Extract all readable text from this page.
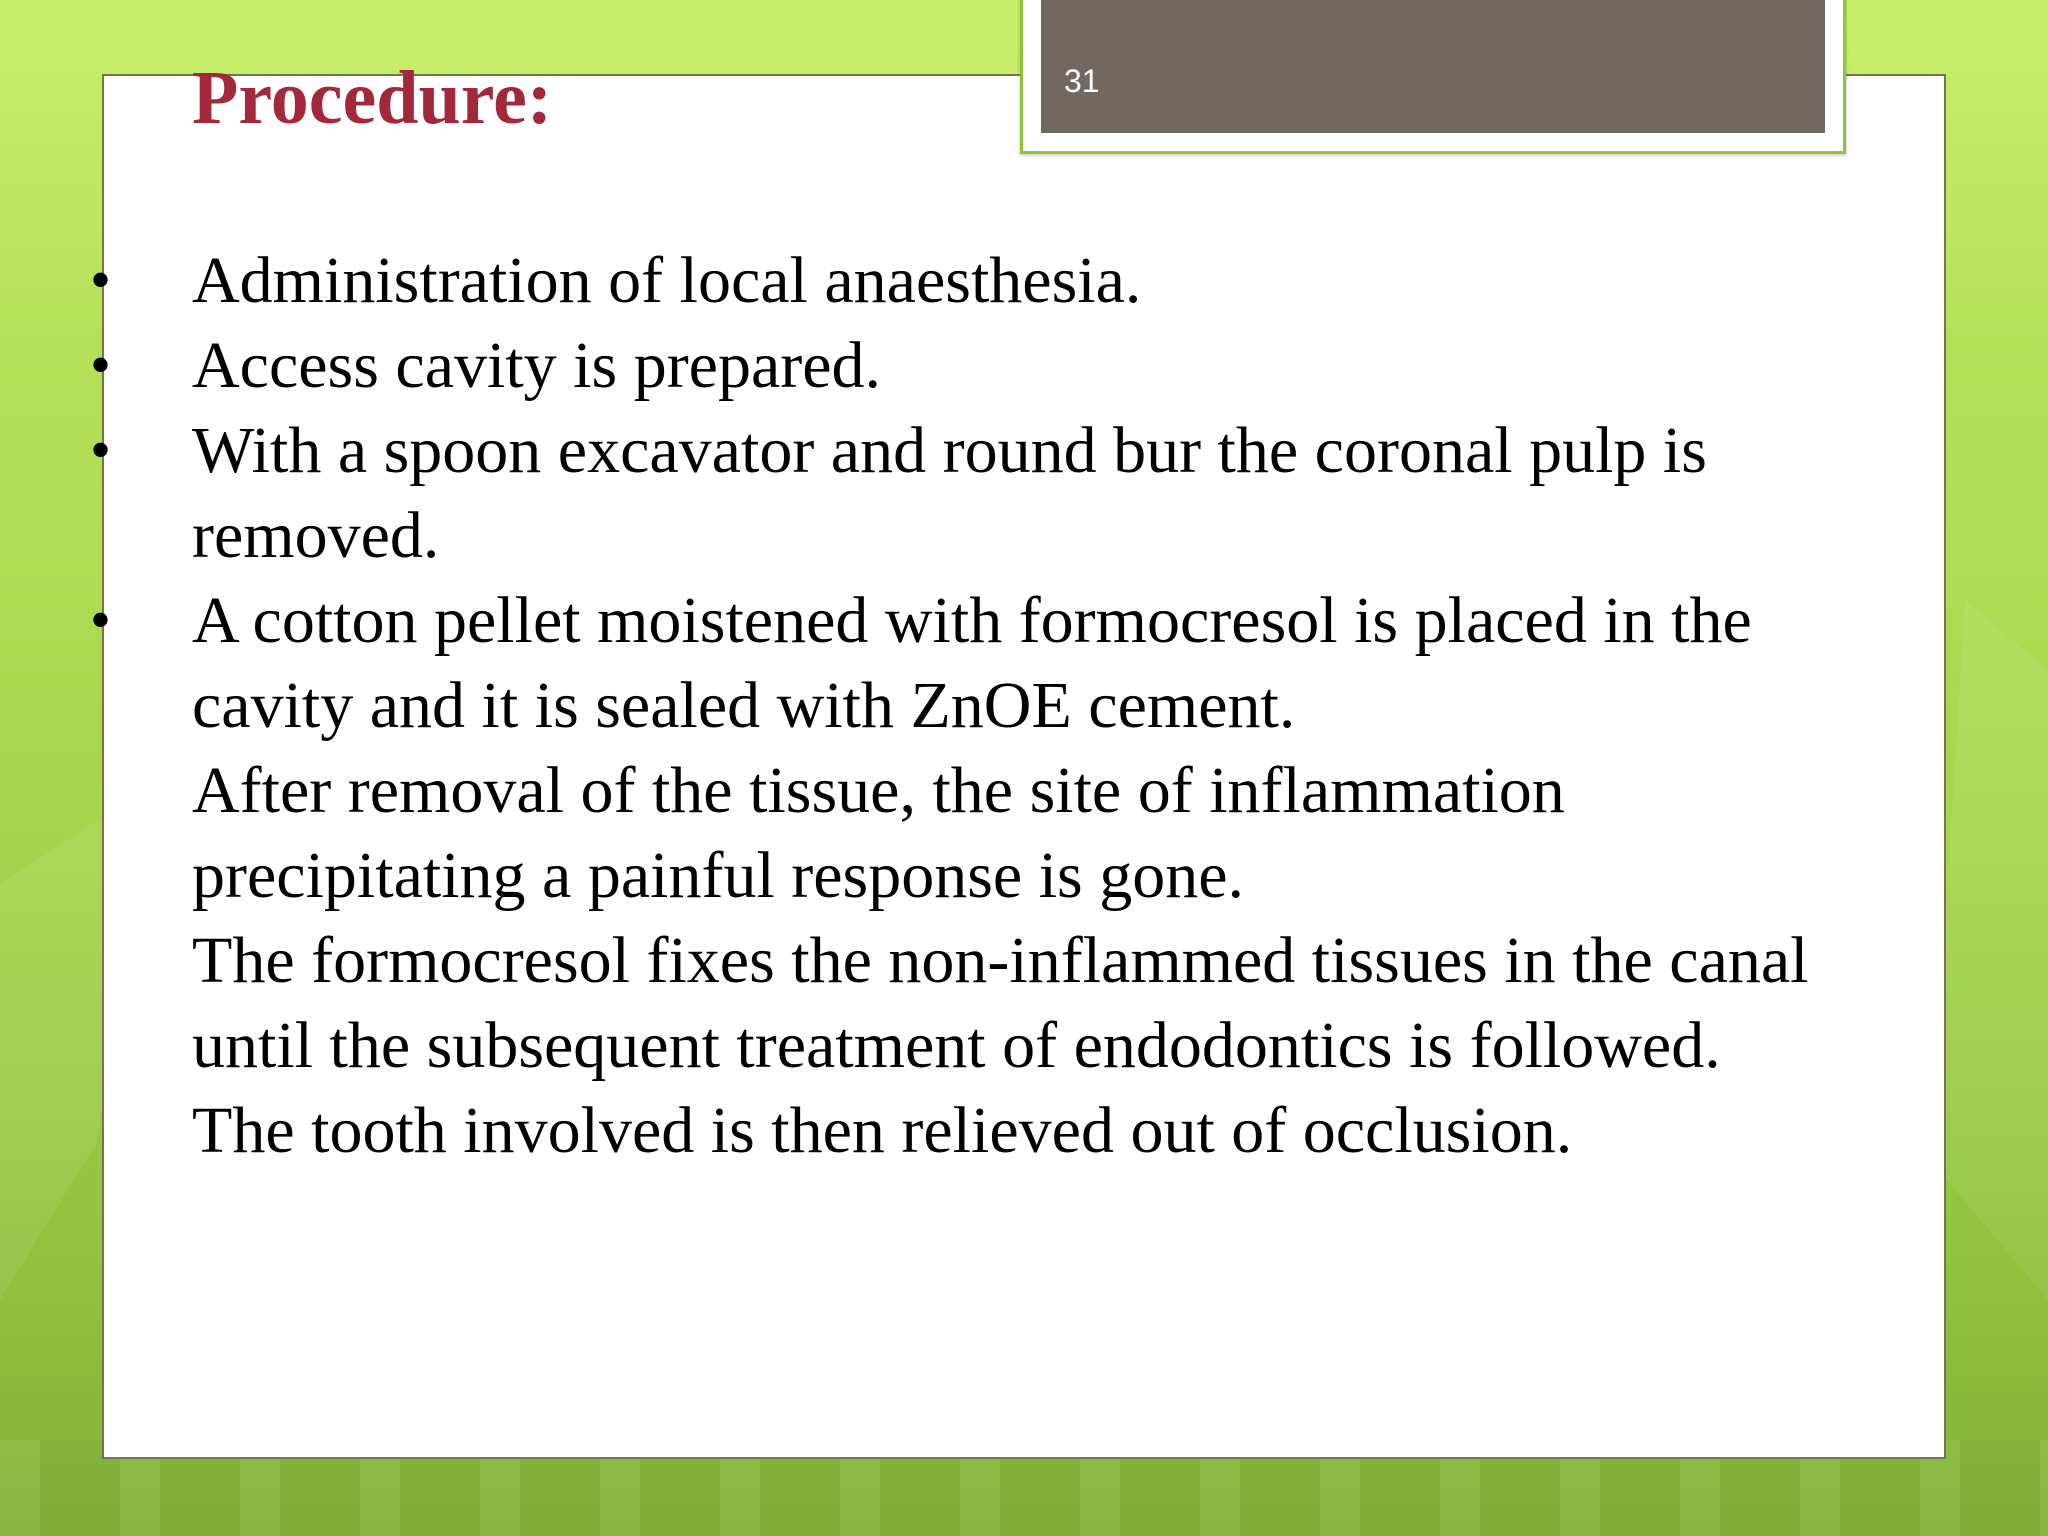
31
Procedure:
• Administration of local anaesthesia.
• Access cavity is prepared.
• With a spoon excavator and round bur the coronal pulp is
removed.
• A cotton pellet moistened with formocresol is placed in the
cavity and it is sealed with ZnOE cement.
After removal of the tissue, the site of inflammation
precipitating a painful response is gone.
The formocresol fixes the non-inflammed tissues in the canal
until the subsequent treatment of endodontics is followed.
The tooth involved is then relieved out of occlusion.
